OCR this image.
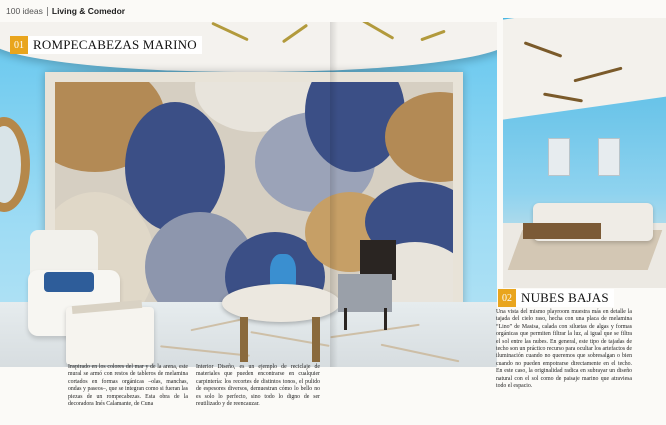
100 ideas Living & Comedor
01 ROMPECABEZAS MARINO
02 NUBES BAJAS

Inspirado en los colores del mar y de la arena, este mural se armó con restos de tableros de melamina cortados en formas orgánicas –olas, manchas, ondas y paseos–, que se integran como si fueran las piezas de un rompecabezas. Esta obra de la decoradora Inés Calamante, de Cuna

Interior Diseño, es un ejemplo de reciclaje de materiales que pueden encontrarse en cualquier carpintería: los recortes de distintos tonos, el pulido de espesores diversos, demuestran cómo lo bello no es solo lo perfecto, sino todo lo digno de ser reutilizado y de reencauzar.

Una vista del mismo playroom muestra más en detalle la tajada del cielo raso, hecha con una placa de melamina “Lino” de Masisa, calada con siluetas de algas y formas orgánicas que permiten filtrar la luz, al igual que se filtra el sol entre las nubes. En general, este tipo de tajadas de techo son un práctico recurso para ocultar los artefactos de iluminación cuando no queremos que sobresalgan o bien cuando no pueden empotrarse directamente en el techo. En este caso, la originalidad radica en subrayar un diseño natural con el sol como de paisaje marino que atraviesa todo el espacio.
